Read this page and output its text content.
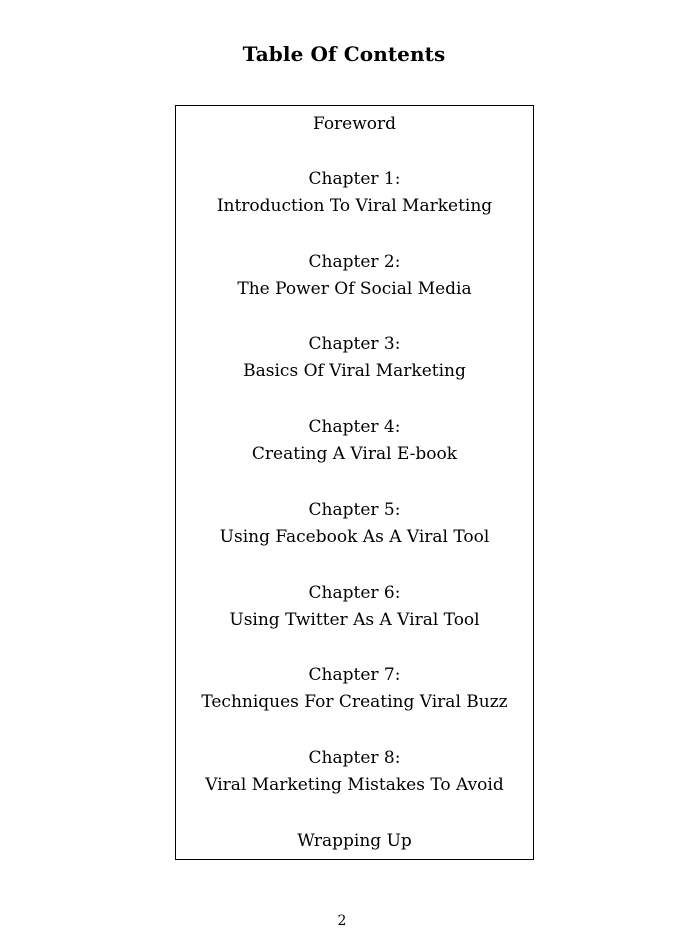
Table Of Contents
Foreword
Chapter 1:
Introduction To Viral Marketing
Chapter 2:
The Power Of Social Media
Chapter 3:
Basics Of Viral Marketing
Chapter 4:
Creating A Viral E-book
Chapter 5:
Using Facebook As A Viral Tool
Chapter 6:
Using Twitter As A Viral Tool
Chapter 7:
Techniques For Creating Viral Buzz
Chapter 8:
Viral Marketing Mistakes To Avoid
Wrapping Up
2
